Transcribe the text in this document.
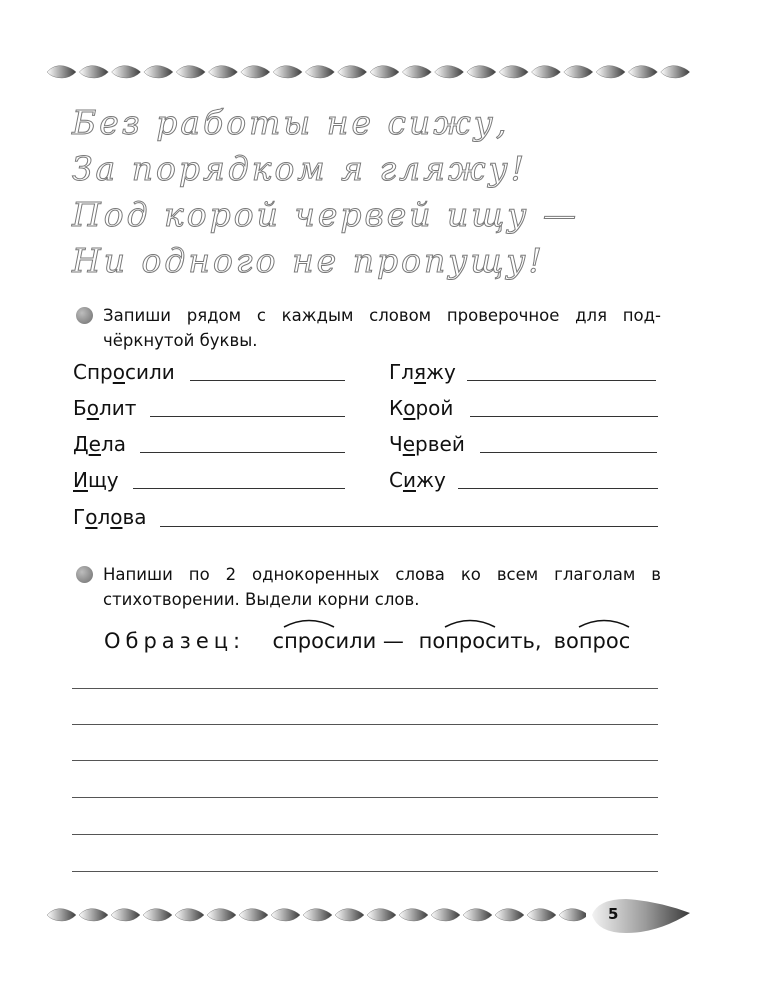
Без работы не сижу,
За порядком я гляжу!
Под корой червей ищу —
Ни одного не пропущу!
Запиши рядом с каждым словом проверочное для под-чёркнутой буквы.
Спросили	Гляжу
Болит	Корой
Дела	Червей
Ищу	Сижу
Голова
Напиши по 2 однокоренных слова ко всем глаголам в стихотворении. Выдели корни слов.
Образец: спрос
или — попрос
ить, вопрос
5
